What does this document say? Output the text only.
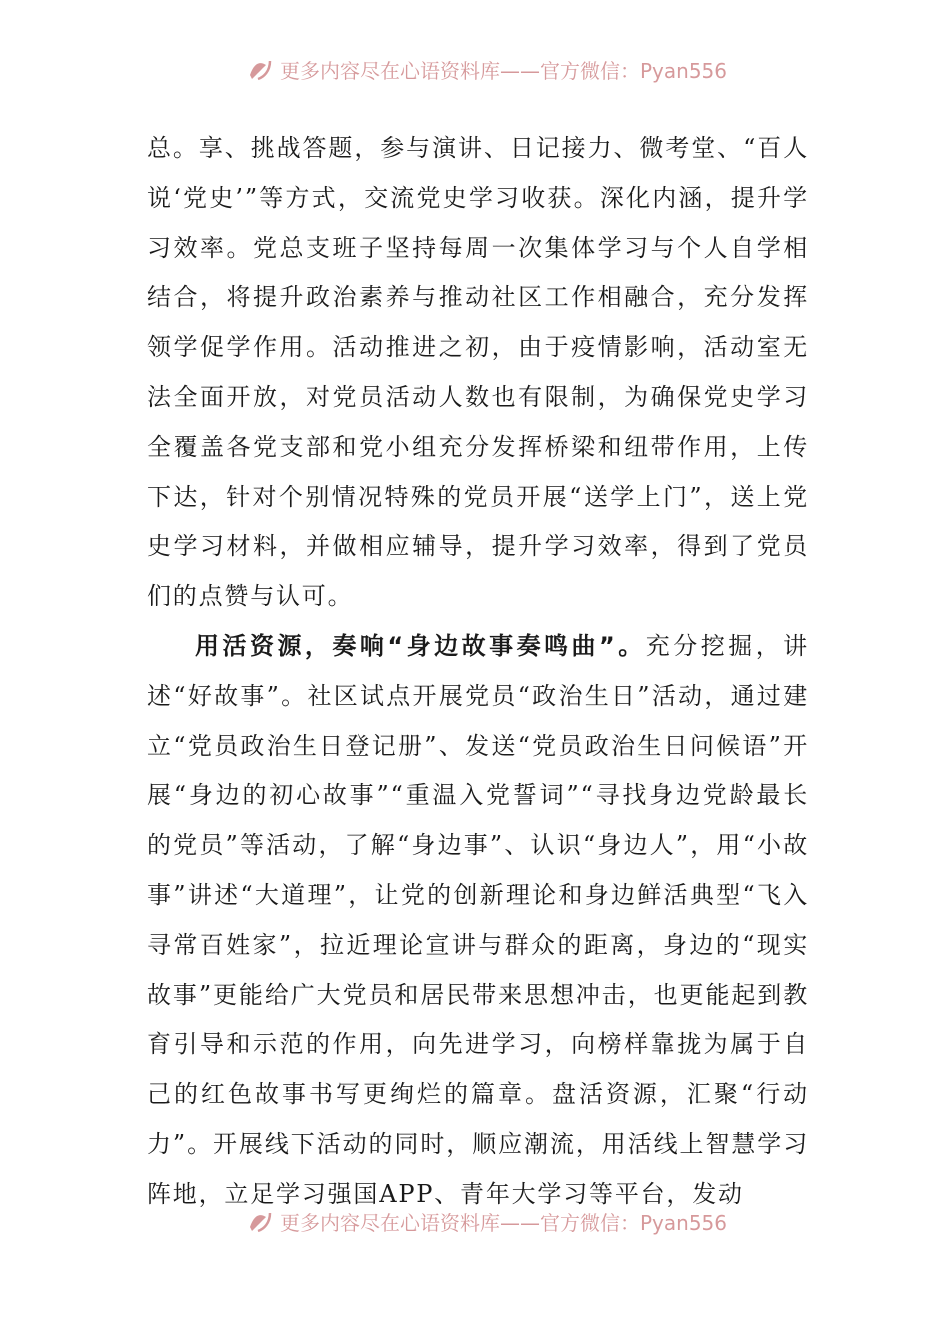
更多内容尽在心语资料库——官方微信：Pyan556

总。享、挑战答题，参与演讲、日记接力、微考堂、“百人说‘党史’”等方式，交流党史学习收获。深化内涵，提升学习效率。党总支班子坚持每周一次集体学习与个人自学相结合，将提升政治素养与推动社区工作相融合，充分发挥领学促学作用。活动推进之初，由于疫情影响，活动室无法全面开放，对党员活动人数也有限制，为确保党史学习全覆盖各党支部和党小组充分发挥桥梁和纽带作用，上传下达，针对个别情况特殊的党员开展“送学上门”，送上党史学习材料，并做相应辅导，提升学习效率，得到了党员们的点赞与认可。

用活资源，奏响“身边故事奏鸣曲”。充分挖掘，讲述“好故事”。社区试点开展党员“政治生日”活动，通过建立“党员政治生日登记册”、发送“党员政治生日问候语”开展“身边的初心故事”“重温入党誓词”“寻找身边党龄最长的党员”等活动，了解“身边事”、认识“身边人”，用“小故事”讲述“大道理”，让党的创新理论和身边鲜活典型“飞入寻常百姓家”，拉近理论宣讲与群众的距离，身边的“现实故事”更能给广大党员和居民带来思想冲击，也更能起到教育引导和示范的作用，向先进学习，向榜样靠拢为属于自己的红色故事书写更绚烂的篇章。盘活资源，汇聚“行动力”。开展线下活动的同时，顺应潮流，用活线上智慧学习阵地，立足学习强国APP、青年大学习等平台，发动

更多内容尽在心语资料库——官方微信：Pyan556
